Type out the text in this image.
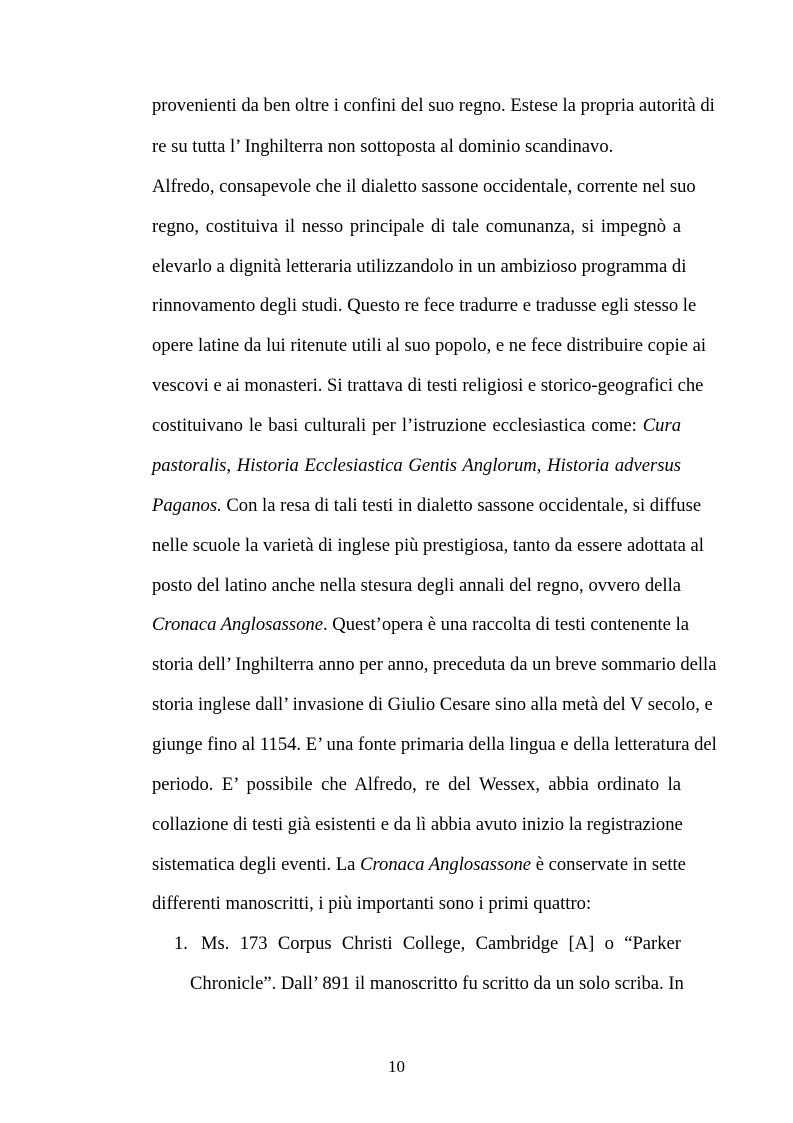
provenienti da ben oltre i confini del suo regno. Estese la propria autorità di
re su tutta l’ Inghilterra non sottoposta al dominio scandinavo.
Alfredo, consapevole che il dialetto sassone occidentale, corrente nel suo
regno, costituiva il nesso principale di tale comunanza, si impegnò a
elevarlo a dignità letteraria utilizzandolo in un ambizioso programma di
rinnovamento degli studi. Questo re fece tradurre e tradusse egli stesso le
opere latine da lui ritenute utili al suo popolo, e ne fece distribuire copie ai
vescovi e ai monasteri. Si trattava di testi religiosi e storico-geografici che
costituivano le basi culturali per l’istruzione ecclesiastica come: Cura
pastoralis, Historia Ecclesiastica Gentis Anglorum, Historia adversus
Paganos. Con la resa di tali testi in dialetto sassone occidentale, si diffuse
nelle scuole la varietà di inglese più prestigiosa, tanto da essere adottata al
posto del latino anche nella stesura degli annali del regno, ovvero della
Cronaca Anglosassone. Quest’opera è una raccolta di testi contenente la
storia dell’ Inghilterra anno per anno, preceduta da un breve sommario della
storia inglese dall’ invasione di Giulio Cesare sino alla metà del V secolo, e
giunge fino al 1154. E’ una fonte primaria della lingua e della letteratura del
periodo. E’ possibile che Alfredo, re del Wessex, abbia ordinato la
collazione di testi già esistenti e da lì abbia avuto inizio la registrazione
sistematica degli eventi. La Cronaca Anglosassone è conservate in sette
differenti manoscritti, i più importanti sono i primi quattro:
1. Ms. 173 Corpus Christi College, Cambridge [A] o “Parker
Chronicle”. Dall’ 891 il manoscritto fu scritto da un solo scriba. In
10
